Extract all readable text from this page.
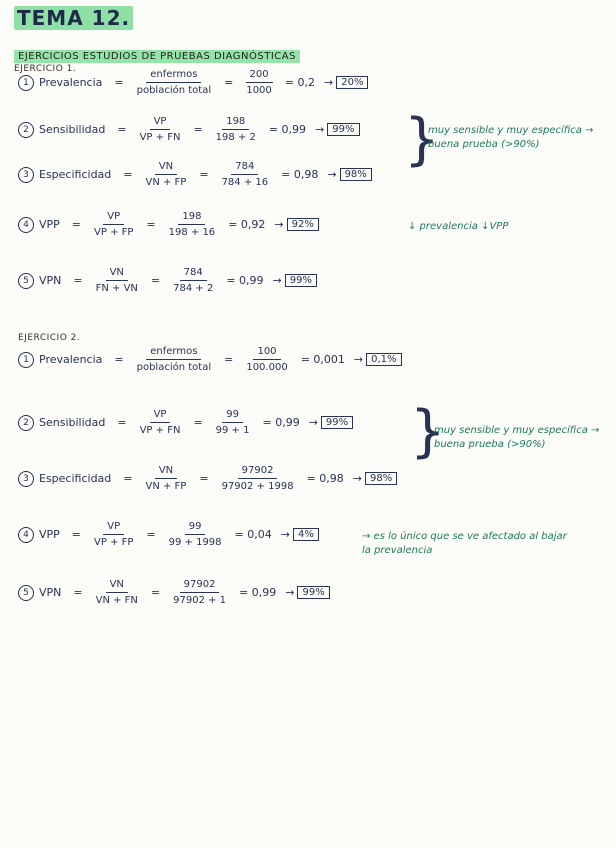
TEMA 12.
EJERCICIOS ESTUDIOS DE PRUEBAS DIAGNÓSTICAS
EJERCICIO 1.
1 Prevalencia = $\frac{\text{enfermos}}{\text{población total}} = \frac{200}{1000} = 0,2 \to 20\%$
2 Sensibilidad = $\frac{VP}{VP + FN} = \frac{198}{198 + 2} = 0,99 \to 99\%$
3 Especificidad = $\frac{VN}{VN + FP} = \frac{784}{784 + 16} = 0,98 \to 98\%$
}
muy sensible y muy específica → buena prueba (>90%)
4 VPP = $\frac{VP}{VP + FP} = \frac{198}{198 + 16} = 0,92 \to 92\%$	↓ prevalencia ↓VPP
5 VPN = $\frac{VN}{FN + VN} = \frac{784}{784 + 2} = 0,99 \to 99\%$
EJERCICIO 2.
1 Prevalencia = $\frac{\text{enfermos}}{\text{población total}} = \frac{100}{100.000} = 0,001 \to 0,1\%$
2 Sensibilidad = $\frac{VP}{VP + FN} = \frac{99}{99 + 1} = 0,99 \to 99\%$ }
muy sensible y muy específica → buena prueba (>90%)
3 Especificidad = $\frac{VN}{VN + FP} = \frac{97902}{97902 + 1998} = 0,98 \to 98\%$
4 VPP = $\frac{VP}{VP + FP} = \frac{99}{99 + 1998} = 0,04 \to 4\%$	→ es lo único que se ve afectado al bajar la prevalencia
5 VPN = $\frac{VN}{VN + FN} = \frac{97902}{97902 + 1} = 0,99 \to 99\%$
